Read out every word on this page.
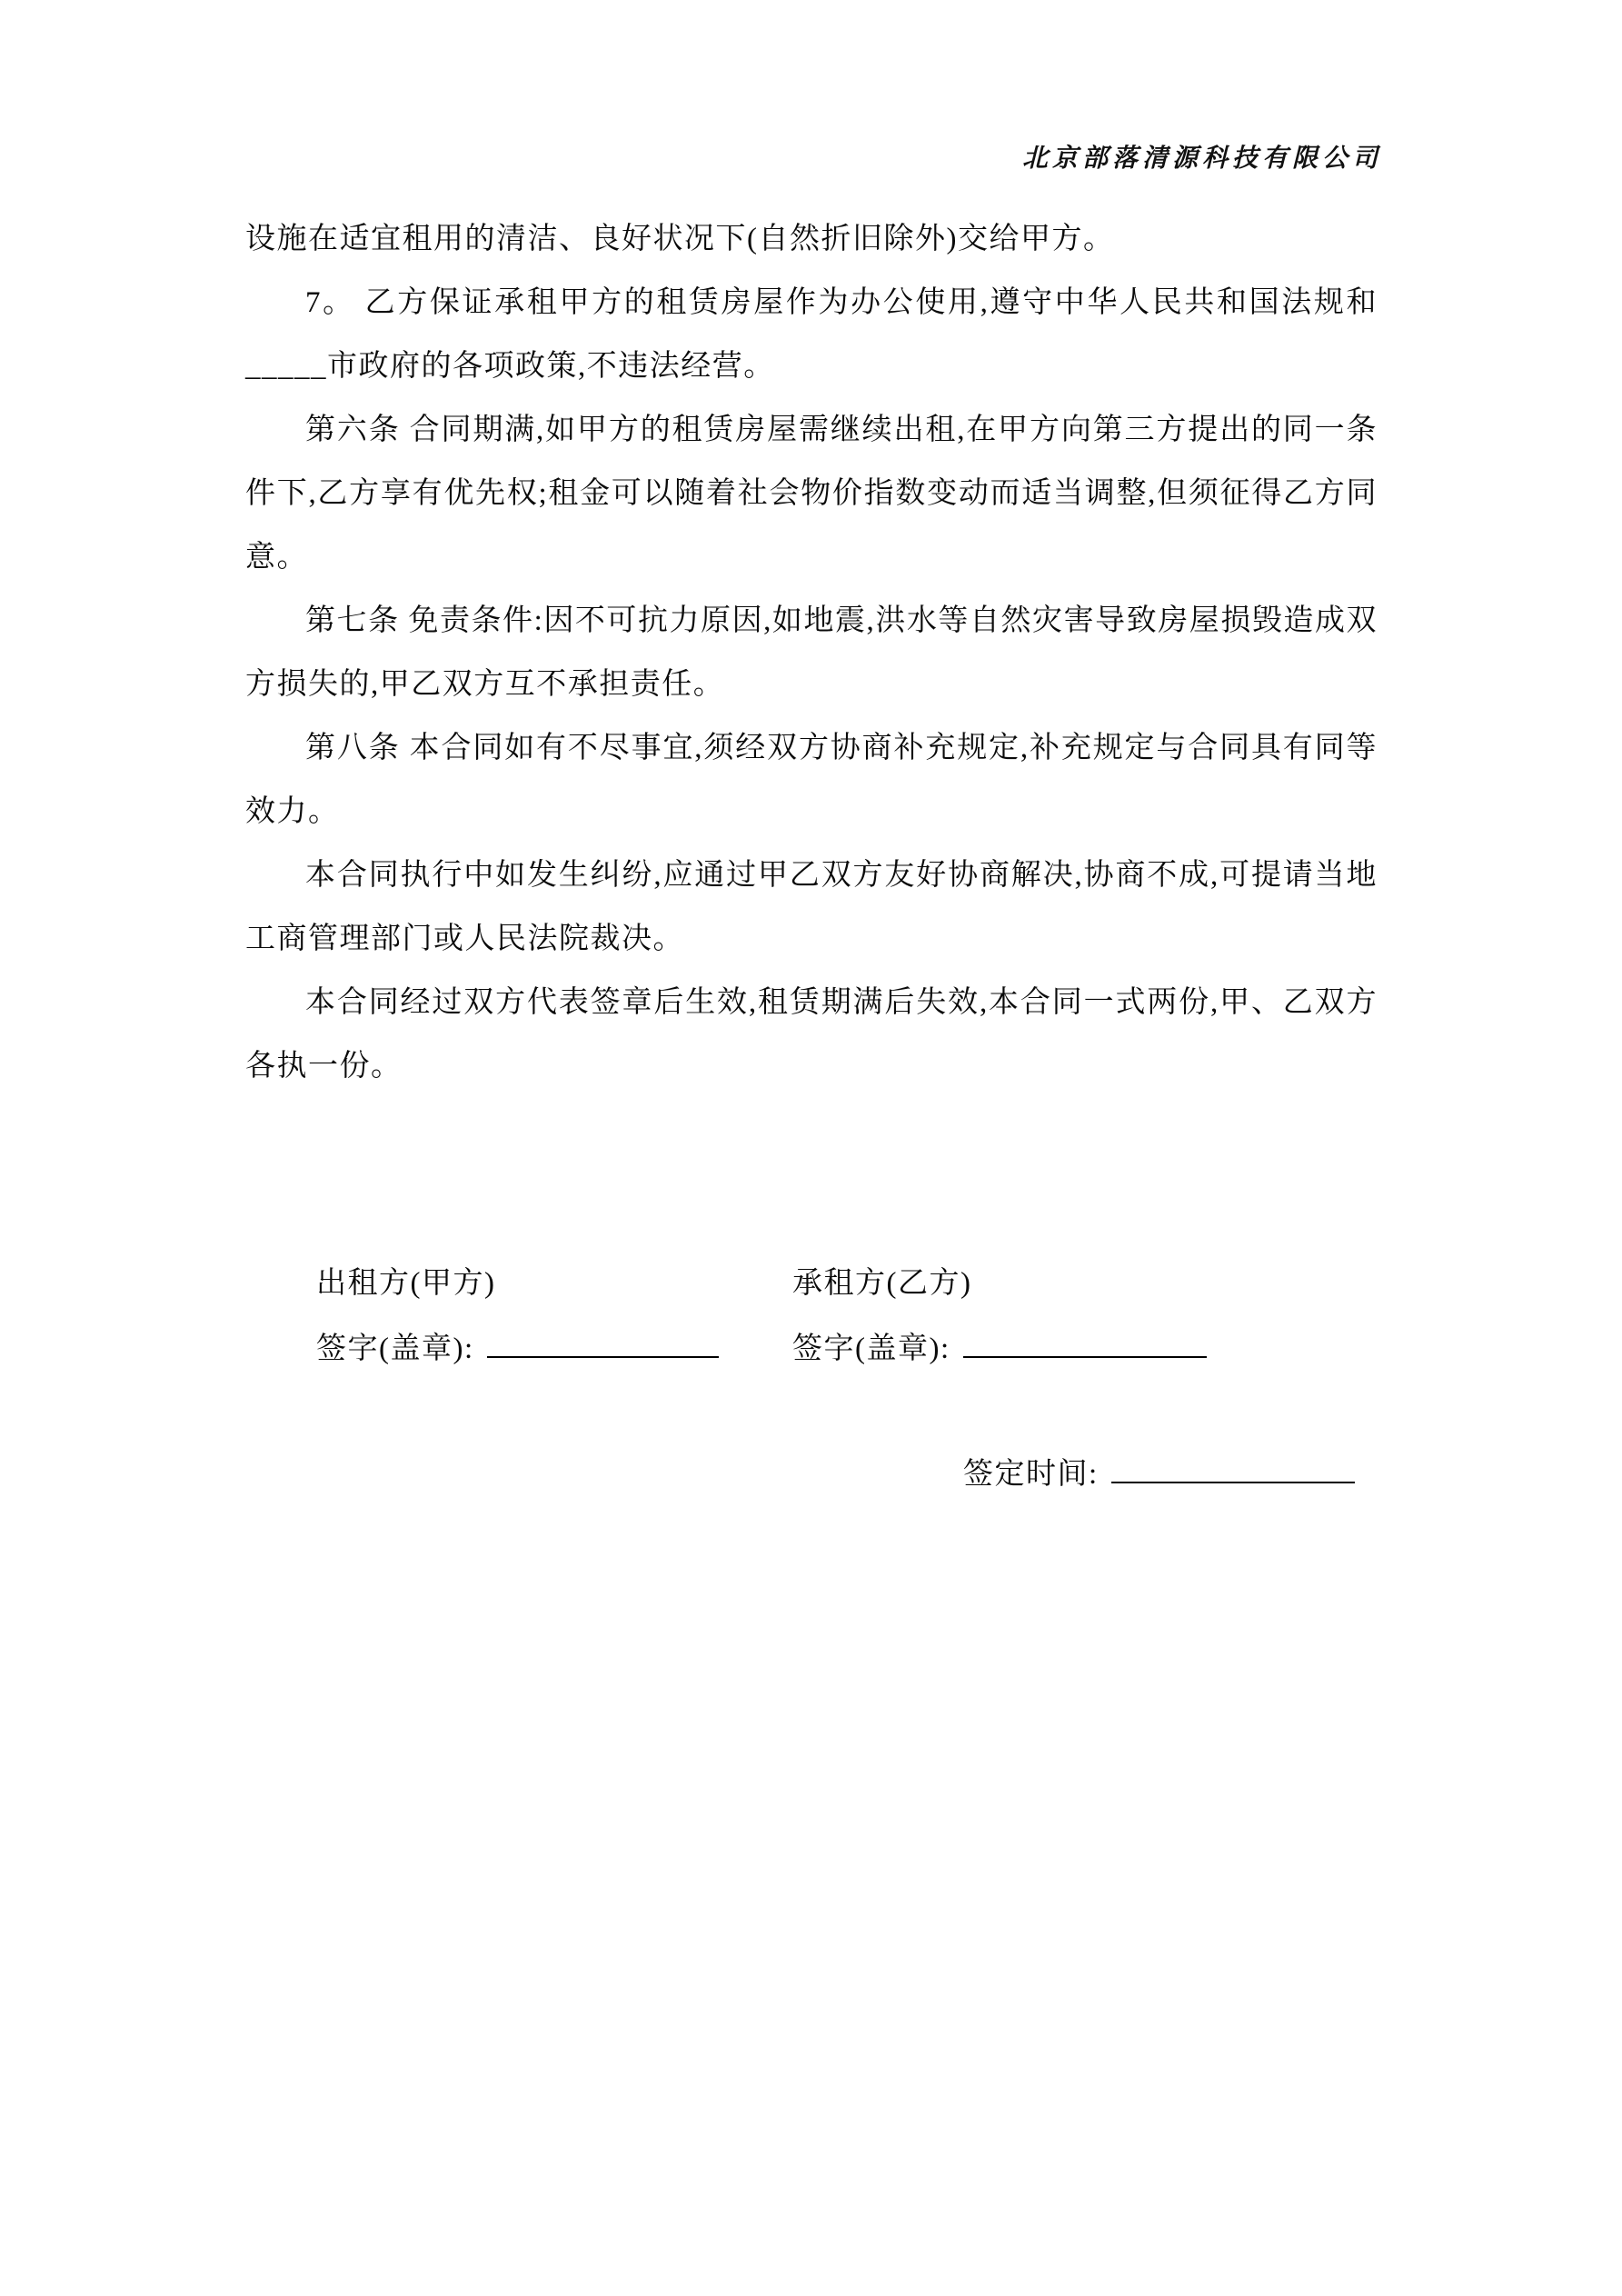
北京部落清源科技有限公司

设施在适宜租用的清洁、良好状况下(自然折旧除外)交给甲方。

7。 乙方保证承租甲方的租赁房屋作为办公使用,遵守中华人民共和国法规和_____市政府的各项政策,不违法经营。

第六条 合同期满,如甲方的租赁房屋需继续出租,在甲方向第三方提出的同一条件下,乙方享有优先权;租金可以随着社会物价指数变动而适当调整,但须征得乙方同意。

第七条 免责条件:因不可抗力原因,如地震,洪水等自然灾害导致房屋损毁造成双方损失的,甲乙双方互不承担责任。

第八条 本合同如有不尽事宜,须经双方协商补充规定,补充规定与合同具有同等效力。

本合同执行中如发生纠纷,应通过甲乙双方友好协商解决,协商不成,可提请当地工商管理部门或人民法院裁决。

本合同经过双方代表签章后生效,租赁期满后失效,本合同一式两份,甲、乙双方各执一份。

出租方(甲方)	承租方(乙方)
签字(盖章):	签字(盖章):
签定时间:
